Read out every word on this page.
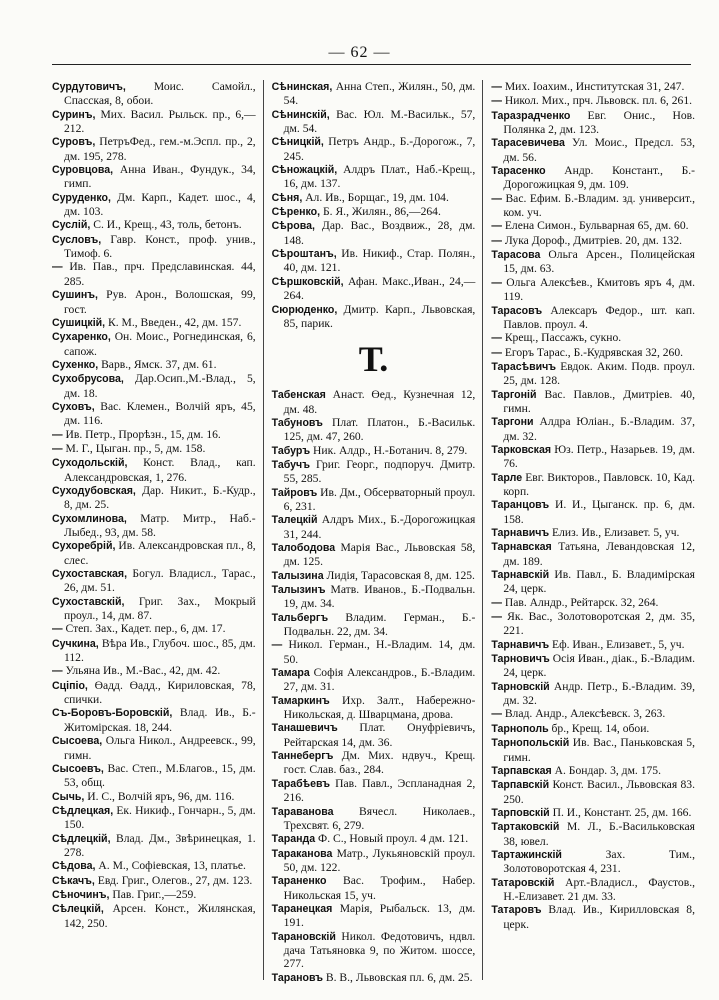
— 62 —

Сурдутовичъ, Моис. Самойл., Спасская, 8, обои.

Суринъ, Мих. Васил. Рыльск. пр., 6,—212.

Суровъ, ПетръФед., гем.-м.Эспл. пр., 2, дм. 195, 278.

Суровцова, Анна Иван., Фундук., 34, гимп.

Суруденко, Дм. Карп., Кадет. шос., 4, дм. 103.

Суслій, С. И., Крещ., 43, толь, бетонъ.

Сусловъ, Гавр. Конст., проф. унив., Тимоф. 6.

— Ив. Пав., прч. Предславинская. 44, 285.

Сушинъ, Рув. Арон., Волошская, 99, гост.

Сушицкій, К. М., Введен., 42, дм. 157.

Сухаренко, Он. Моис., Рогнединская, 6, сапож.

Сухенко, Варв., Ямск. 37, дм. 61.

Сухобрусова, Дар.Осип.,М.-Влад., 5, дм. 18.

Суховъ, Вас. Клемен., Волчій яръ, 45, дм. 116.

— Ив. Петр., Прорѣзн., 15, дм. 16.

— М. Г., Цыган. пр., 5, дм. 158.

Суходольскій, Конст. Влад., кап. Александровская, 1, 276.

Суходубовская, Дар. Никит., Б.-Кудр., 8, дм. 25.

Сухомлинова, Матр. Митр., Наб.-Лыбед., 93, дм. 58.

Сухоребрій, Ив. Александровская пл., 8, слес.

Сухоставская, Богул. Владисл., Тарас., 26, дм. 51.

Сухоставскій, Григ. Зах., Мокрый проул., 14, дм. 87.

— Степ. Зах., Кадет. пер., 6, дм. 17.

Сучкина, Вѣра Ив., Глубоч. шос., 85, дм. 112.

— Ульяна Ив., М.-Вас., 42, дм. 42.

Сціпіо, Өадд. Өадд., Кириловская, 78, спички.

Съ-Боровъ-Боровскій, Влад. Ив., Б.-Житомірская. 18, 244.

Сысоева, Ольга Никол., Андреевск., 99, гимн.

Сысоевъ, Вас. Степ., М.Благов., 15, дм. 53, общ.

Сычь, И. С., Волчій яръ, 96, дм. 116.

Сѣдлецкая, Ек. Никиф., Гончарн., 5, дм. 150.

Сѣдлецкій, Влад. Дм., Звѣринецкая, 1. 278.

Сѣдова, А. М., Софіевская, 13, платье.

Сѣкачъ, Евд. Григ., Олегов., 27, дм. 123.

Сѣночинъ, Пав. Григ.,—259.

Сѣлецкій, Арсен. Конст., Жилянская, 142, 250.

Сѣнинская, Анна Степ., Жилян., 50, дм. 54.

Сѣнинскій, Вас. Юл. М.-Васильк., 57, дм. 54.

Сѣницкій, Петръ Андр., Б.-Дорогож., 7, 245.

Сѣножацкій, Алдръ Плат., Наб.-Крещ., 16, дм. 137.

Сѣня, Ал. Ив., Борщаг., 19, дм. 104.

Сѣренко, Б. Я., Жилян., 86,—264.

Сѣрова, Дар. Вас., Воздвиж., 28, дм. 148.

Сѣроштанъ, Ив. Никиф., Стар. Полян., 40, дм. 121.

Сѣршковскій, Афан. Макс.,Иван., 24,—264.

Сюрюденко, Дмитр. Карп., Львовская, 85, парик.

Т.

Табенская Анаст. Өед., Кузнечная 12, дм. 48.

Табуновъ Плат. Платон., Б.-Васильк. 125, дм. 47, 260.

Табуръ Ник. Алдр., Н.-Ботанич. 8, 279.

Табучъ Григ. Георг., подпоруч. Дмитр. 55, 285.

Тайровъ Ив. Дм., Обсерваторный проул. 6, 231.

Талецкій Алдръ Мих., Б.-Дорогожицкая 31, 244.

Талободова Марія Вас., Львовская 58, дм. 125.

Талызина Лидія, Тарасовская 8, дм. 125.

Талызинъ Матв. Иванов., Б.-Подвальн. 19, дм. 34.

Тальбергъ Владим. Герман., Б.-Подвальн. 22, дм. 34.

— Никол. Герман., Н.-Владим. 14, дм. 50.

Тамара Софія Александров., Б.-Владим. 27, дм. 31.

Тамаркинъ Ихр. Залт., Набережно-Никольская, д. Шварцмана, дрова.

Танашевичъ Плат. Онуфріевичъ, Рейтарская 14, дм. 36.

Таннебергъ Дм. Мих. ндвуч., Крещ. гост. Слав. баз., 284.

Тарабѣевъ Пав. Павл., Эспланадная 2, 216.

Тараванова Вячесл. Николаев., Трехсвят. 6, 279.

Таранда Ф. С., Новый проул. 4 дм. 121.

Тараканова Матр., Лукьяновскій проул. 50, дм. 122.

Тараненко Вас. Трофим., Набер. Никольская 15, уч.

Таранецкая Марія, Рыбальск. 13, дм. 191.

Тарановскій Никол. Федотовичъ, ндвл. дача Татьяновка 9, по Житом. шоссе, 277.

Тарановъ В. В., Львовская пл. 6, дм. 25.

— Мих. Іоахим., Институтская 31, 247.

— Никол. Мих., прч. Львовск. пл. 6, 261.

Таразрадченко Евг. Онис., Нов. Полянка 2, дм. 123.

Тарасевичева Ул. Моис., Предсл. 53, дм. 56.

Тарасенко Андр. Констант., Б.-Дорогожицкая 9, дм. 109.

— Вас. Ефим. Б.-Владим. зд. университ., ком. уч.

— Елена Симон., Бульварная 65, дм. 60.

— Лука Дороф., Дмитріев. 20, дм. 132.

Тарасова Ольга Арсен., Полицейская 15, дм. 63.

— Ольга Алексѣев., Кмитовъ яръ 4, дм. 119.

Тарасовъ Алексаръ Федор., шт. кап. Павлов. проул. 4.

— Крещ., Пассажъ, сукно.

— Егоръ Тарас., Б.-Кудрявская 32, 260.

Тарасѣвичъ Евдок. Аким. Подв. проул. 25, дм. 128.

Таргоній Вас. Павлов., Дмитріев. 40, гимн.

Таргони Алдра Юліан., Б.-Владим. 37, дм. 32.

Тарковская Юз. Петр., Назарьев. 19, дм. 76.

Тарле Евг. Викторов., Павловск. 10, Кад. корп.

Таранцовъ И. И., Цыганск. пр. 6, дм. 158.

Тарнавичъ Елиз. Ив., Елизавет. 5, уч.

Тарнавская Татьяна, Левандовская 12, дм. 189.

Тарнавскій Ив. Павл., Б. Владимірская 24, церк.

— Пав. Алндр., Рейтарск. 32, 264.

— Як. Вас., Золотоворотская 2, дм. 35, 221.

Тарнавичъ Еф. Иван., Елизавет., 5, уч.

Тарновичъ Осія Иван., діак., Б.-Владим. 24, церк.

Тарновскій Андр. Петр., Б.-Владим. 39, дм. 32.

— Влад. Андр., Алексѣевск. 3, 263.

Тарнополь бр., Крещ. 14, обои.

Тарнопольскій Ив. Вас., Паньковская 5, гимн.

Тарпавская А. Бондар. 3, дм. 175.

Тарпавскій Конст. Васил., Львовская 83. 250.

Тарповскій П. И., Констант. 25, дм. 166.

Тартаковскій М. Л., Б.-Васильковская 38, ювел.

Тартажинскій	Зах. Тим., Золотоворотская 4, 231.

Татаровскій Арт.-Владисл., Фаустов., Н.-Елизавет. 21 дм. 33.

Татаровъ Влад. Ив., Кирилловская 8, церк.
